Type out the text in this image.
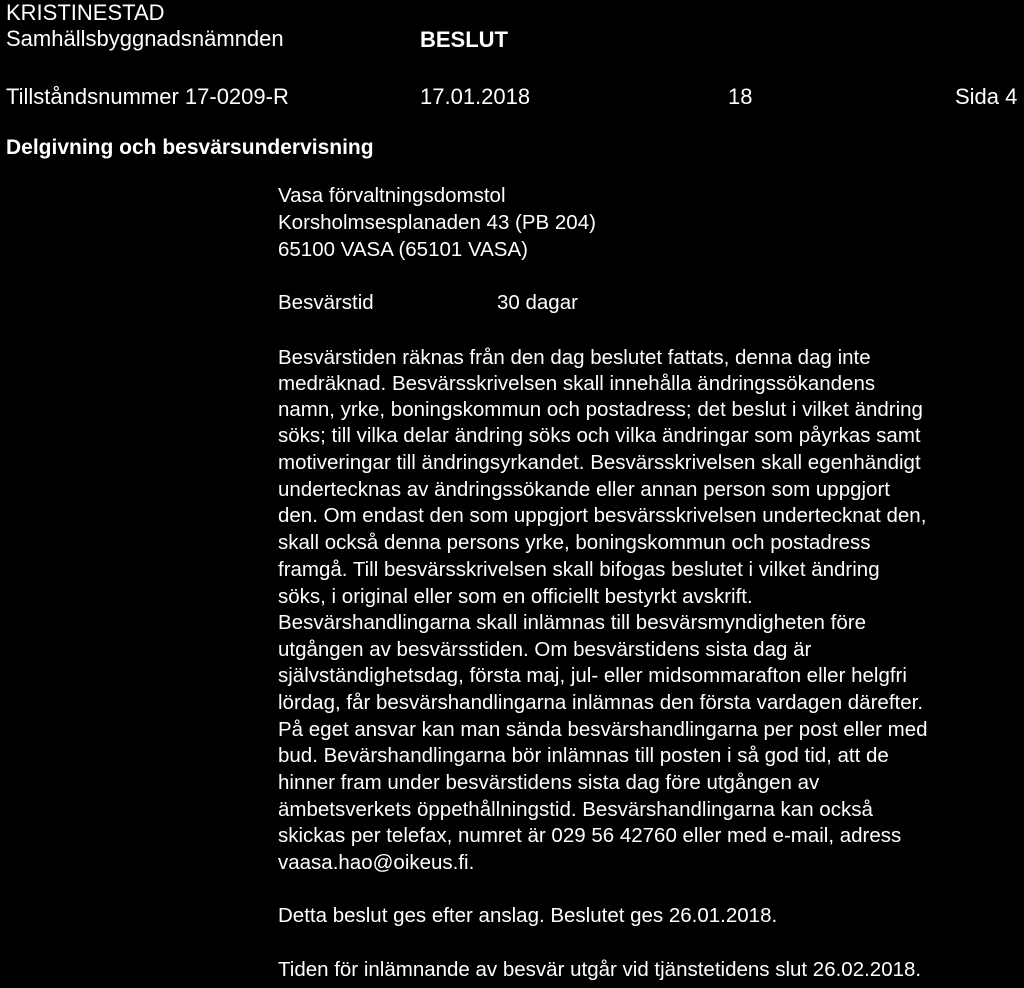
KRISTINESTAD
Samhällsbyggnadsnämnden	BESLUT
Tillståndsnummer 17-0209-R	17.01.2018	18	Sida 4
Delgivning och besvärsundervisning
Vasa förvaltningsdomstol
Korsholmsesplanaden 43 (PB 204)
65100 VASA (65101 VASA)
Besvärstid	30 dagar
Besvärstiden räknas från den dag beslutet fattats, denna dag inte
medräknad. Besvärsskrivelsen skall innehålla ändringssökandens
namn, yrke, boningskommun och postadress; det beslut i vilket ändring
söks; till vilka delar ändring söks och vilka ändringar som påyrkas samt
motiveringar till ändringsyrkandet. Besvärsskrivelsen skall egenhändigt
undertecknas av ändringssökande eller annan person som uppgjort
den. Om endast den som uppgjort besvärsskrivelsen undertecknat den,
skall också denna persons yrke, boningskommun och postadress
framgå. Till besvärsskrivelsen skall bifogas beslutet i vilket ändring
söks, i original eller som en officiellt bestyrkt avskrift.
Besvärshandlingarna skall inlämnas till besvärsmyndigheten före
utgången av besvärsstiden. Om besvärstidens sista dag är
självständighetsdag, första maj, jul- eller midsommarafton eller helgfri
lördag, får besvärshandlingarna inlämnas den första vardagen därefter.
På eget ansvar kan man sända besvärshandlingarna per post eller med
bud. Bevärshandlingarna bör inlämnas till posten i så god tid, att de
hinner fram under besvärstidens sista dag före utgången av
ämbetsverkets öppethållningstid. Besvärshandlingarna kan också
skickas per telefax, numret är 029 56 42760 eller med e-mail, adress
vaasa.hao@oikeus.fi.
Detta beslut ges efter anslag. Beslutet ges 26.01.2018.
Tiden för inlämnande av besvär utgår vid tjänstetidens slut 26.02.2018.
